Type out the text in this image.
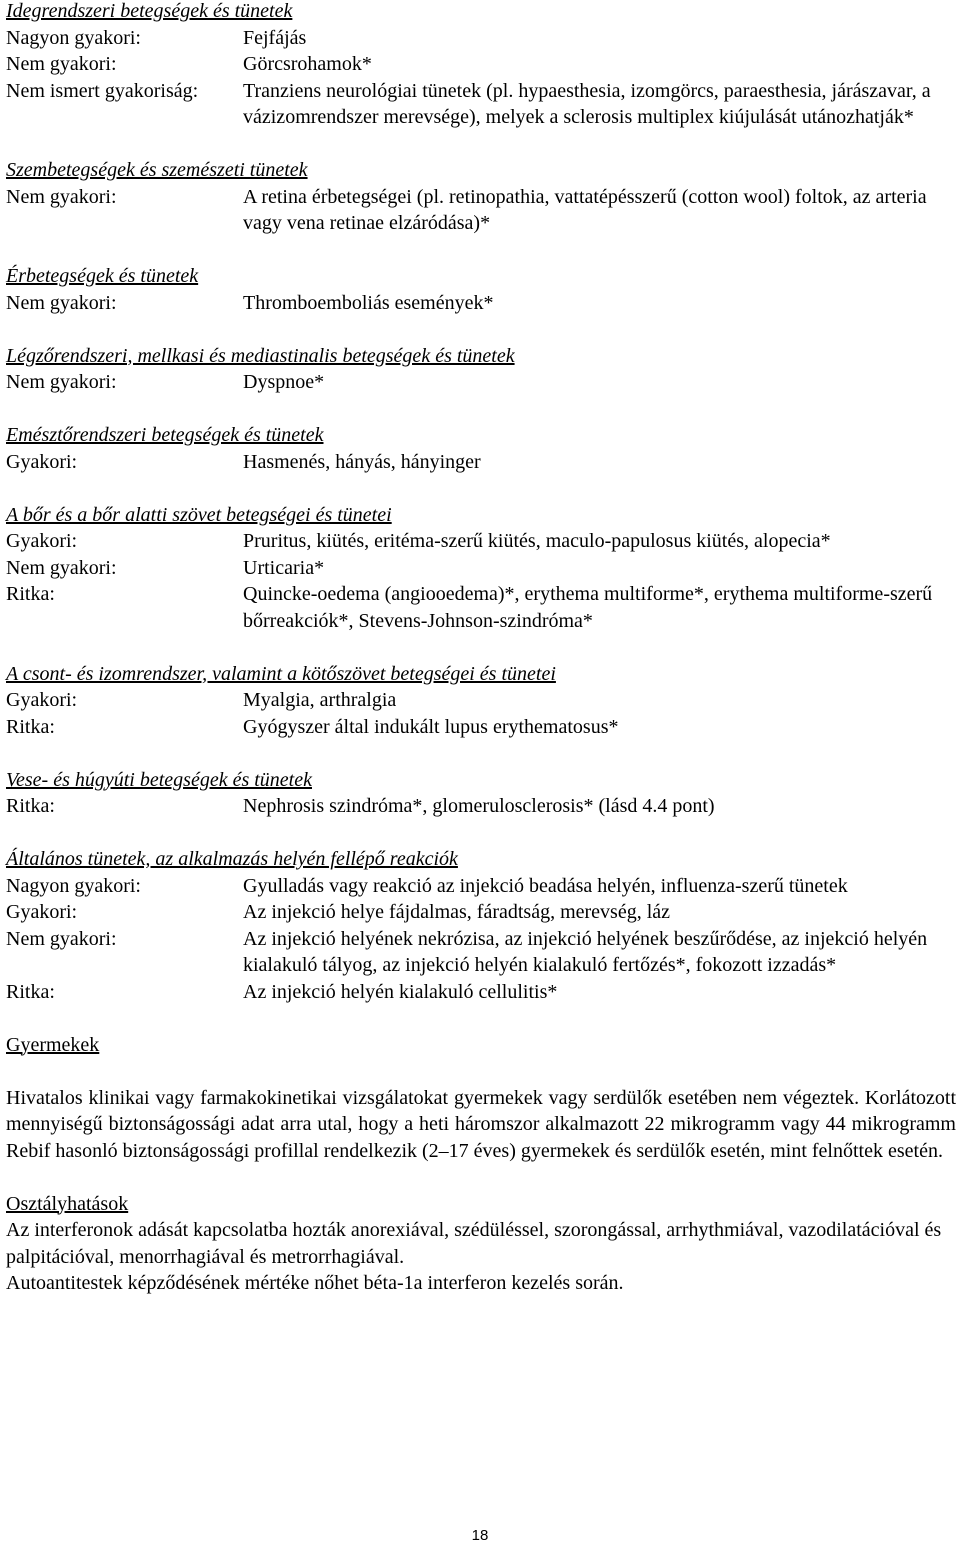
Idegrendszeri betegségek és tünetek
Nagyon gyakori:	Fejfájás
Nem gyakori:	Görcsrohamok*
Nem ismert gyakoriság:	Tranziens neurológiai tünetek (pl. hypaesthesia, izomgörcs, paraesthesia, járászavar, a vázizomrendszer merevsége), melyek a sclerosis multiplex kiújulását utánozhatják*
Szembetegségek és szemészeti tünetek
Nem gyakori:	A retina érbetegségei (pl. retinopathia, vattatépésszerű (cotton wool) foltok, az arteria vagy vena retinae elzáródása)*
Érbetegségek és tünetek
Nem gyakori:	Thromboemboliás események*
Légzőrendszeri, mellkasi és mediastinalis betegségek és tünetek
Nem gyakori:	Dyspnoe*
Emésztőrendszeri betegségek és tünetek
Gyakori:	Hasmenés, hányás, hányinger
A bőr és a bőr alatti szövet betegségei és tünetei
Gyakori:	Pruritus, kiütés, eritéma-szerű kiütés, maculo-papulosus kiütés, alopecia*
Nem gyakori:	Urticaria*
Ritka:	Quincke-oedema (angiooedema)*, erythema multiforme*, erythema multiforme-szerű bőrreakciók*, Stevens-Johnson-szindróma*
A csont- és izomrendszer, valamint a kötőszövet betegségei és tünetei
Gyakori:	Myalgia, arthralgia
Ritka:	Gyógyszer által indukált lupus erythematosus*
Vese- és húgyúti betegségek és tünetek
Ritka:	Nephrosis szindróma*, glomerulosclerosis* (lásd 4.4 pont)
Általános tünetek, az alkalmazás helyén fellépő reakciók
Nagyon gyakori:	Gyulladás vagy reakció az injekció beadása helyén, influenza-szerű tünetek
Gyakori:	Az injekció helye fájdalmas, fáradtság, merevség, láz
Nem gyakori:	Az injekció helyének nekrózisa, az injekció helyének beszűrődése, az injekció helyén kialakuló tályog, az injekció helyén kialakuló fertőzés*, fokozott izzadás*
Ritka:	Az injekció helyén kialakuló cellulitis*
Gyermekek

Hivatalos klinikai vagy farmakokinetikai vizsgálatokat gyermekek vagy serdülők esetében nem végeztek. Korlátozott mennyiségű biztonságossági adat arra utal, hogy a heti háromszor alkalmazott 22 mikrogramm vagy 44 mikrogramm Rebif hasonló biztonságossági profillal rendelkezik (2–17 éves) gyermekek és serdülők esetén, mint felnőttek esetén.

Osztályhatások

Az interferonok adását kapcsolatba hozták anorexiával, szédüléssel, szorongással, arrhythmiával, vazodilatációval és palpitációval, menorrhagiával és metrorrhagiával.

Autoantitestek képződésének mértéke nőhet béta-1a interferon kezelés során.

18
